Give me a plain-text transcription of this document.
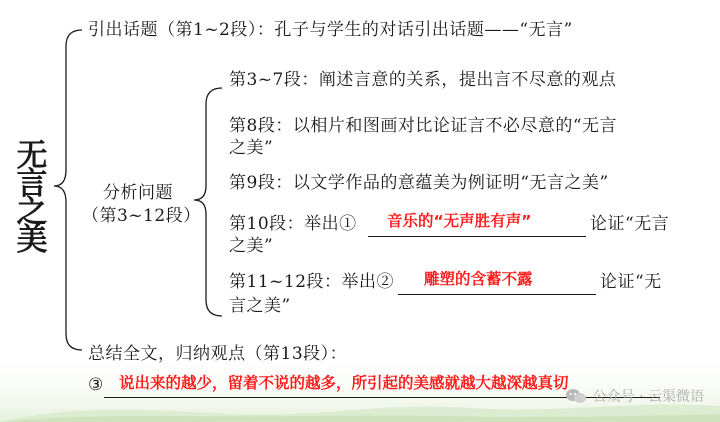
无
言
之
美
引出话题（第1~2段）：孔子与学生的对话引出话题——“无言”
分析问题
（第3~12段）
第3~7段：阐述言意的关系，提出言不尽意的观点
第8段：以相片和图画对比论证言不必尽意的“无言
之美”
第9段：以文学作品的意蕴美为例证明“无言之美”
第10段：举出① 音乐的“无声胜有声”	论证“无言
之美”
第11~12段：举出② 雕塑的含蓄不露	论证“无
言之美”
总结全文，归纳观点（第13段）：
③ 说出来的越少，留着不说的越多，所引起的美感就越大越深越真切
公众号 · 云渠微语
